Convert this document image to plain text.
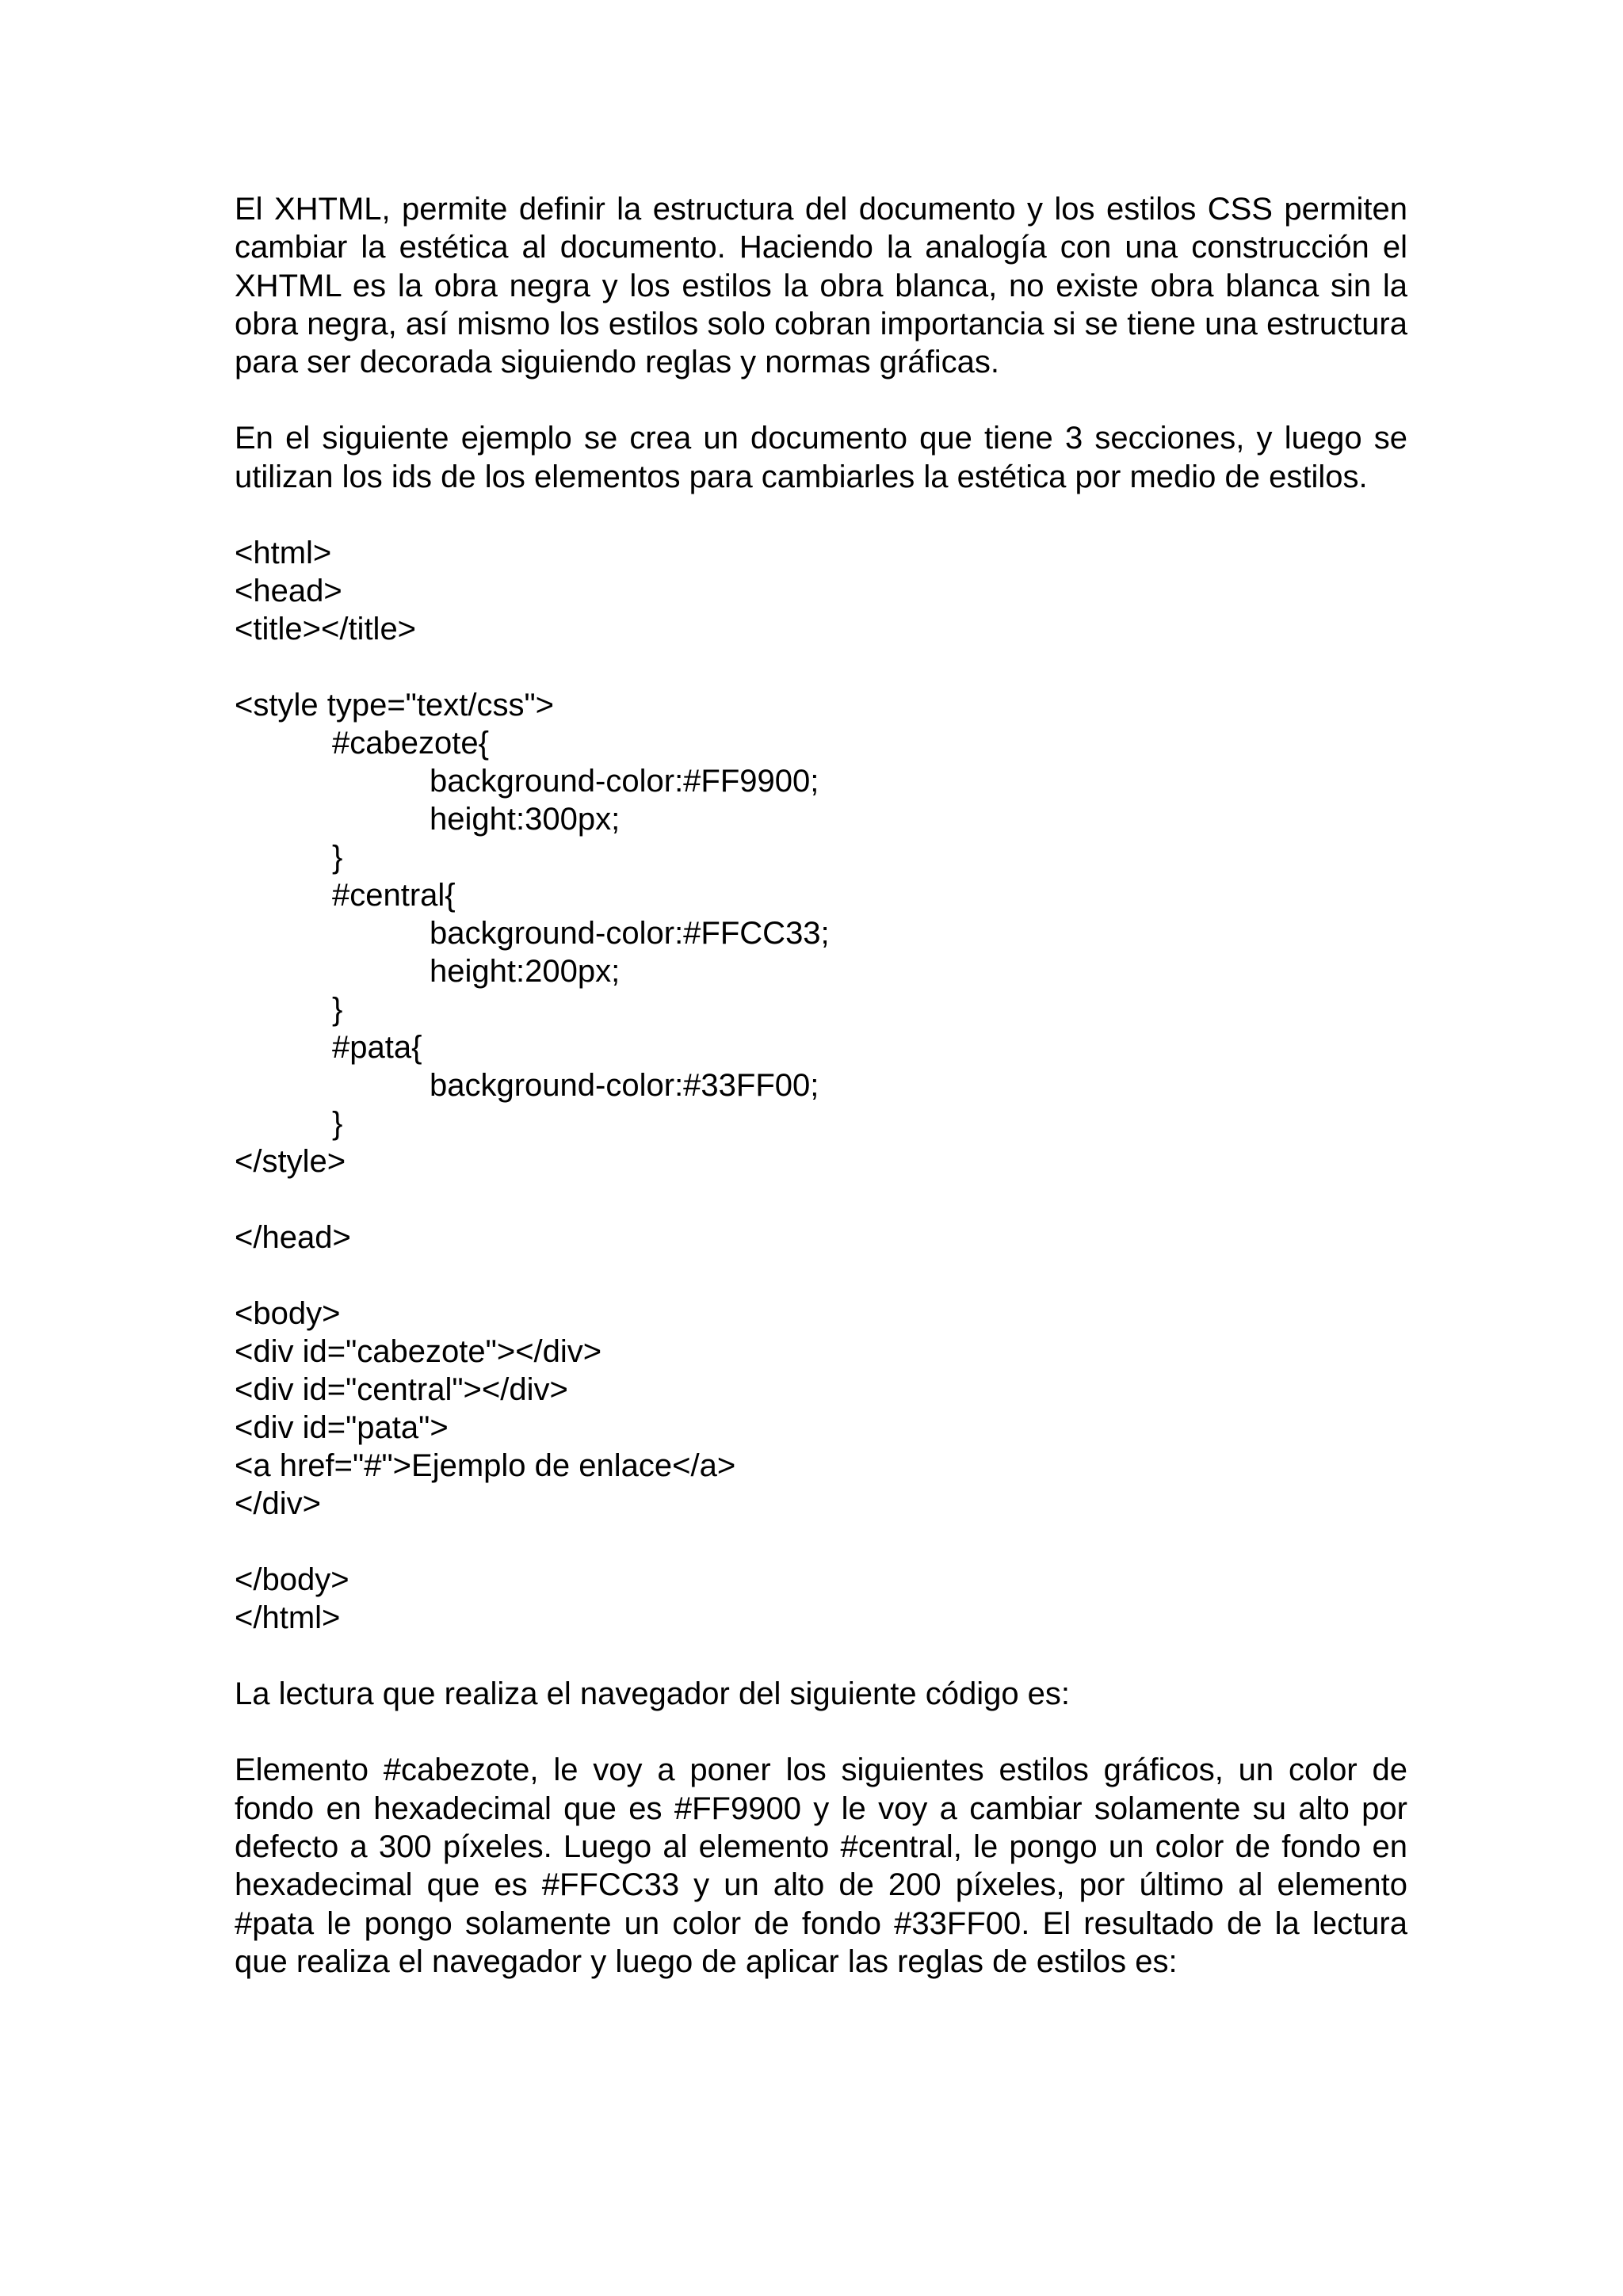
El XHTML, permite definir la estructura del documento y los estilos CSS permiten cambiar la estética al documento. Haciendo la analogía con una construcción el XHTML es la obra negra y los estilos la obra blanca, no existe obra blanca sin la obra negra, así mismo los estilos solo cobran importancia si se tiene una estructura para ser decorada siguiendo reglas y normas gráficas.

En el siguiente ejemplo se crea un documento que tiene 3 secciones, y luego se utilizan los ids de los elementos para cambiarles la estética por medio de estilos.

<html>
<head>
<title></title>
<style type="text/css">
#cabezote{
background-color:#FF9900;
height:300px;
}
#central{
background-color:#FFCC33;
height:200px;
}
#pata{
background-color:#33FF00;
}
</style>
</head>
<body>
<div id="cabezote"></div>
<div id="central"></div>
<div id="pata">
<a href="#">Ejemplo de enlace</a>
</div>
</body>
</html>

La lectura que realiza el navegador del siguiente código es:

Elemento #cabezote, le voy a poner los siguientes estilos gráficos, un color de fondo en hexadecimal que es #FF9900 y le voy a cambiar solamente su alto por defecto a 300 píxeles. Luego al elemento #central, le pongo un color de fondo en hexadecimal que es #FFCC33 y un alto de 200 píxeles, por último al elemento #pata le pongo solamente un color de fondo #33FF00. El resultado de la lectura que realiza el navegador y luego de aplicar las reglas de estilos es:
